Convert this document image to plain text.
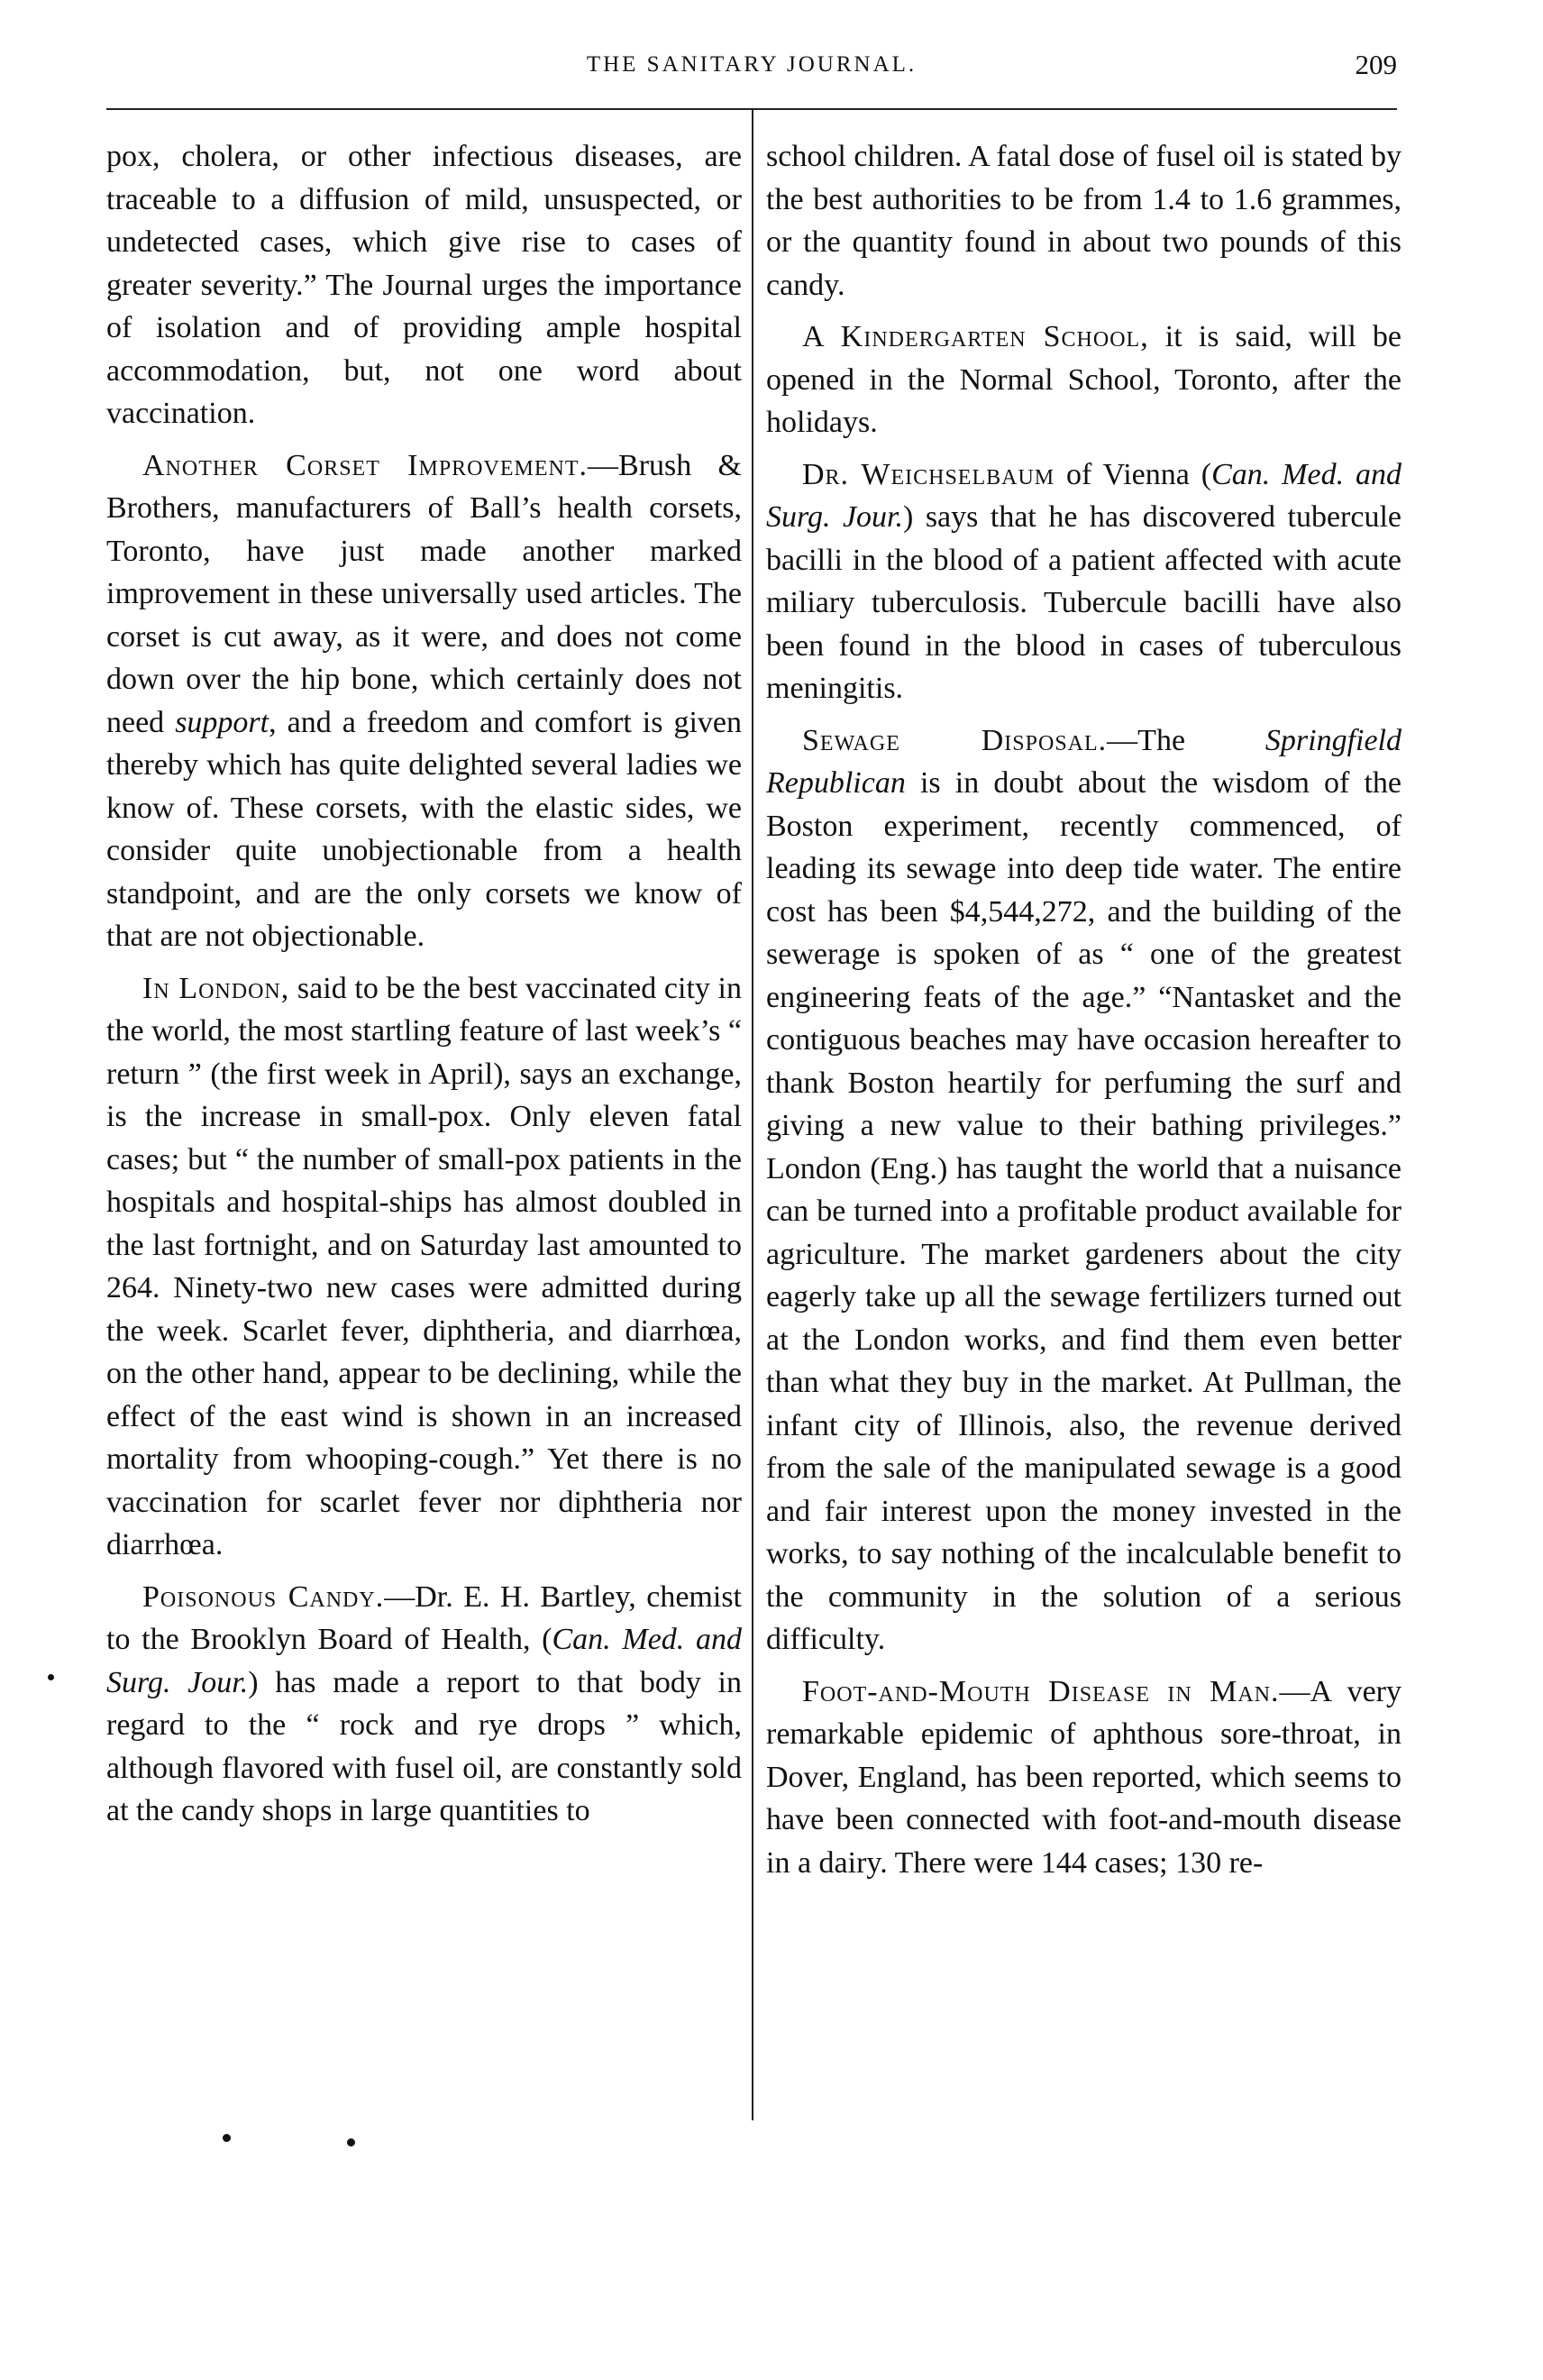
THE SANITARY JOURNAL.	209

pox, cholera, or other infectious diseases, are traceable to a diffusion of mild, unsuspected, or undetected cases, which give rise to cases of greater severity.” The Journal urges the importance of isolation and of providing ample hospital accommodation, but, not one word about vaccination.

Another Corset Improvement.—Brush & Brothers, manufacturers of Ball’s health corsets, Toronto, have just made another marked improvement in these universally used articles. The corset is cut away, as it were, and does not come down over the hip bone, which certainly does not need support, and a freedom and comfort is given thereby which has quite delighted several ladies we know of. These corsets, with the elastic sides, we consider quite unobjectionable from a health standpoint, and are the only corsets we know of that are not objectionable.

In London, said to be the best vaccinated city in the world, the most startling feature of last week’s “ return ” (the first week in April), says an exchange, is the increase in small-pox. Only eleven fatal cases; but “ the number of small-pox patients in the hospitals and hospital-ships has almost doubled in the last fortnight, and on Saturday last amounted to 264. Ninety-two new cases were admitted during the week. Scarlet fever, diphtheria, and diarrhœa, on the other hand, appear to be declining, while the effect of the east wind is shown in an increased mortality from whooping-cough.” Yet there is no vaccination for scarlet fever nor diphtheria nor diarrhœa.

Poisonous Candy.—Dr. E. H. Bartley, chemist to the Brooklyn Board of Health, (Can. Med. and Surg. Jour.) has made a report to that body in regard to the “ rock and rye drops ” which, although flavored with fusel oil, are constantly sold at the candy shops in large quantities to

school children. A fatal dose of fusel oil is stated by the best authorities to be from 1.4 to 1.6 grammes, or the quantity found in about two pounds of this candy.

A Kindergarten School, it is said, will be opened in the Normal School, Toronto, after the holidays.

Dr. Weichselbaum of Vienna (Can. Med. and Surg. Jour.) says that he has discovered tubercule bacilli in the blood of a patient affected with acute miliary tuberculosis. Tubercule bacilli have also been found in the blood in cases of tuberculous meningitis.

Sewage Disposal.—The Springfield Republican is in doubt about the wisdom of the Boston experiment, recently commenced, of leading its sewage into deep tide water. The entire cost has been $4,544,272, and the building of the sewerage is spoken of as “ one of the greatest engineering feats of the age.” “Nantasket and the contiguous beaches may have occasion hereafter to thank Boston heartily for perfuming the surf and giving a new value to their bathing privileges.” London (Eng.) has taught the world that a nuisance can be turned into a profitable product available for agriculture. The market gardeners about the city eagerly take up all the sewage fertilizers turned out at the London works, and find them even better than what they buy in the market. At Pullman, the infant city of Illinois, also, the revenue derived from the sale of the manipulated sewage is a good and fair interest upon the money invested in the works, to say nothing of the incalculable benefit to the community in the solution of a serious difficulty.

Foot-and-Mouth Disease in Man.—A very remarkable epidemic of aphthous sore-throat, in Dover, England, has been reported, which seems to have been connected with foot-and-mouth disease in a dairy. There were 144 cases; 130 re-
